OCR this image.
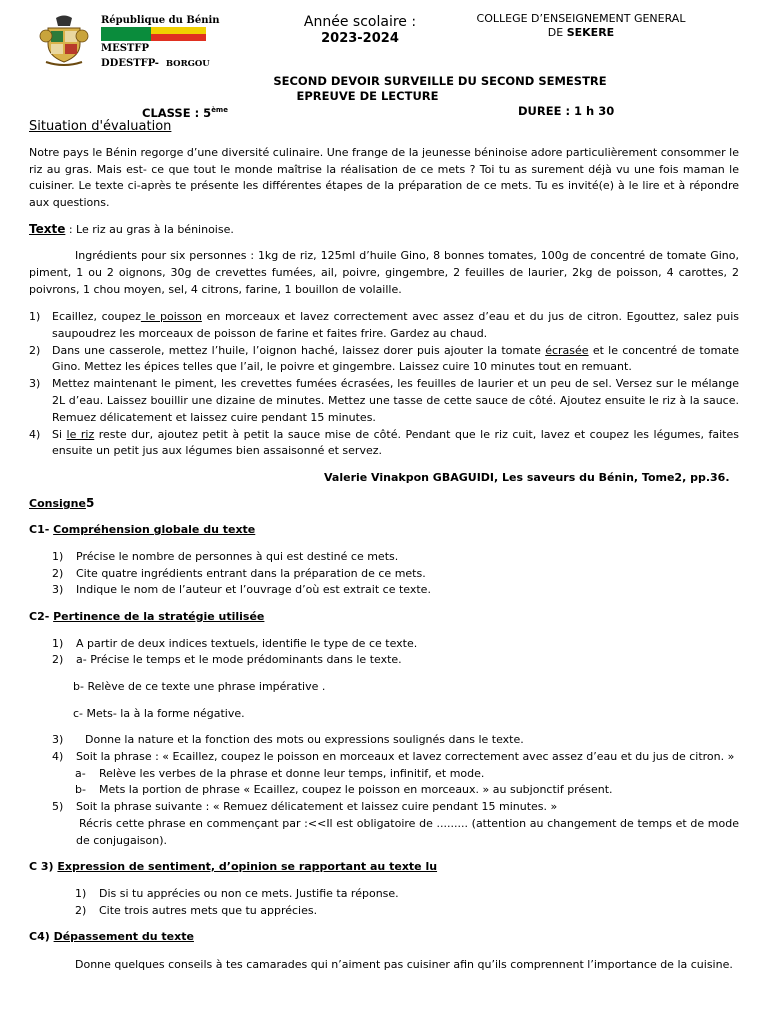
République du Bénin
MESTFP
DDESTFP- BORGOU
Année scolaire :
2023-2024
COLLEGE D’ENSEIGNEMENT GENERAL
DE SEKERE
SECOND DEVOIR SURVEILLE DU SECOND SEMESTRE
EPREUVE DE LECTURE
CLASSE : 5ème	DUREE : 1 h 30
Situation d'évaluation
Notre pays le Bénin regorge d’une diversité culinaire. Une frange de la jeunesse béninoise adore particulièrement consommer le riz au gras. Mais est- ce que tout le monde maîtrise la réalisation de ce mets ? Toi tu as surement déjà vu une fois maman le cuisiner. Le texte ci-après te présente les différentes étapes de la préparation de ce mets. Tu es invité(e) à le lire et à répondre aux questions.
Texte : Le riz au gras à la béninoise.
Ingrédients pour six personnes : 1kg de riz, 125ml d’huile Gino, 8 bonnes tomates, 100g de concentré de tomate Gino, piment, 1 ou 2 oignons, 30g de crevettes fumées, ail, poivre, gingembre, 2 feuilles de laurier, 2kg de poisson, 4 carottes, 2 poivrons, 1 chou moyen, sel, 4 citrons, farine, 1 bouillon de volaille.
1)	Ecaillez, coupez le poisson en morceaux et lavez correctement avec assez d’eau et du jus de citron. Egouttez, salez puis saupoudrez les morceaux de poisson de farine et faites frire. Gardez au chaud.
2)	Dans une casserole, mettez l’huile, l’oignon haché, laissez dorer puis ajouter la tomate écrasée et le concentré de tomate Gino. Mettez les épices telles que l’ail, le poivre et gingembre. Laissez cuire 10 minutes tout en remuant.
3)	Mettez maintenant le piment, les crevettes fumées écrasées, les feuilles de laurier et un peu de sel. Versez sur le mélange 2L d’eau. Laissez bouillir une dizaine de minutes. Mettez une tasse de cette sauce de côté. Ajoutez ensuite le riz à la sauce. Remuez délicatement et laissez cuire pendant 15 minutes.
4)	Si le riz reste dur, ajoutez petit à petit la sauce mise de côté. Pendant que le riz cuit, lavez et coupez les légumes, faites ensuite un petit jus aux légumes bien assaisonné et servez.
Valerie Vinakpon GBAGUIDI, Les saveurs du Bénin, Tome2, pp.36.
Consigne5
C1- Compréhension globale du texte
1) Précise le nombre de personnes à qui est destiné ce mets.
2) Cite quatre ingrédients entrant dans la préparation de ce mets.
3) Indique le nom de l’auteur et l’ouvrage d’où est extrait ce texte.
C2- Pertinence de la stratégie utilisée
1) A partir de deux indices textuels, identifie le type de ce texte.
2) a- Précise le temps et le mode prédominants dans le texte.
b- Relève de ce texte une phrase impérative .
c- Mets- la à la forme négative.
3) Donne la nature et la fonction des mots ou expressions soulignés dans le texte.
4) Soit la phrase : « Ecaillez, coupez le poisson en morceaux et lavez correctement avec assez d’eau et du jus de citron. »
a- Relève les verbes de la phrase et donne leur temps, infinitif, et mode.
b- Mets la portion de phrase « Ecaillez, coupez le poisson en morceaux. » au subjonctif présent.
5) Soit la phrase suivante : « Remuez délicatement et laissez cuire pendant 15 minutes. »
Récris cette phrase en commençant par :<<Il est obligatoire de ......... (attention au changement de temps et de mode de conjugaison).
C 3) Expression de sentiment, d’opinion se rapportant au texte lu
1) Dis si tu apprécies ou non ce mets. Justifie ta réponse.
2) Cite trois autres mets que tu apprécies.
C4) Dépassement du texte
Donne quelques conseils à tes camarades qui n’aiment pas cuisiner afin qu’ils comprennent l’importance de la cuisine.
